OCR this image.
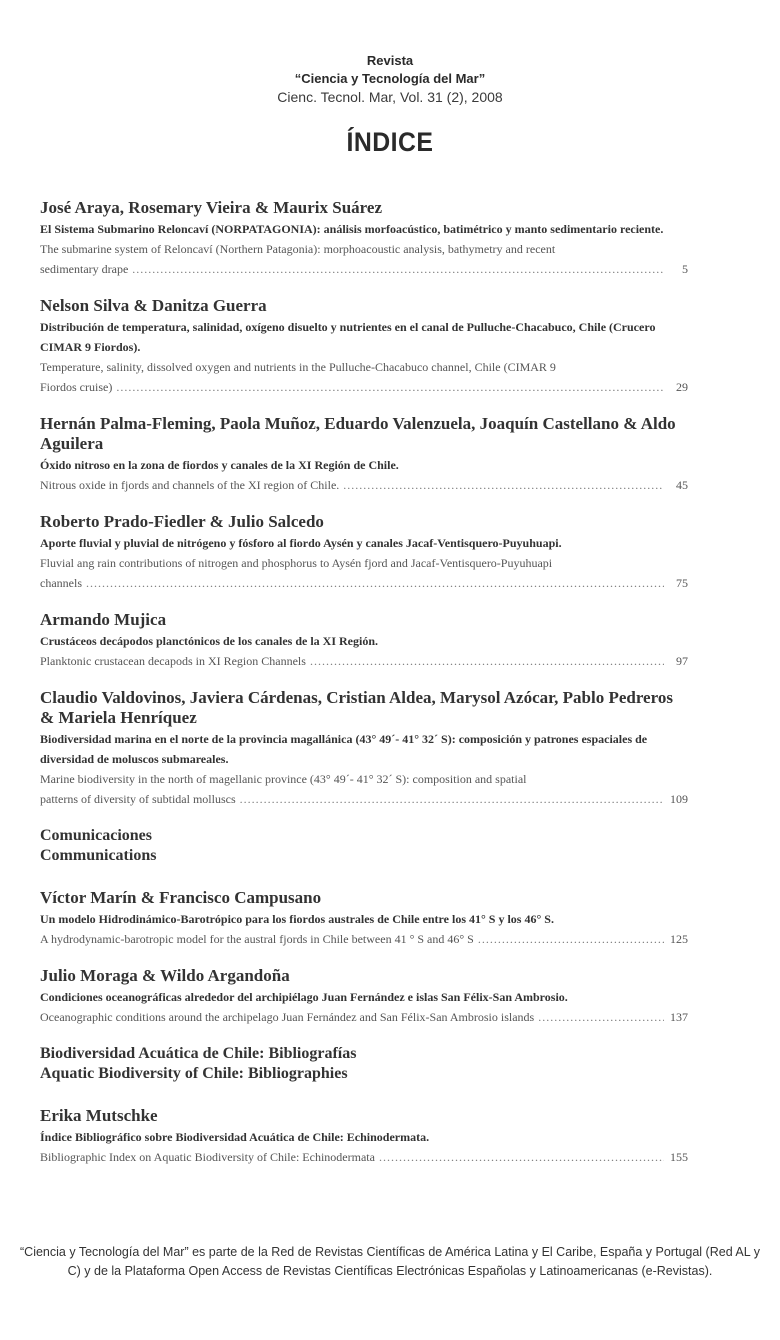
Revista
“Ciencia y Tecnología del Mar”
Cienc. Tecnol. Mar, Vol. 31 (2), 2008
ÍNDICE
José Araya, Rosemary Vieira & Maurix Suárez
El Sistema Submarino Reloncaví (NORPATAGONIA): análisis morfoacústico, batimétrico y manto sedimentario reciente.
The submarine system of Reloncaví (Northern Patagonia): morphoacoustic analysis, bathymetry and recent
sedimentary drape .....	5
Nelson Silva & Danitza Guerra
Distribución de temperatura, salinidad, oxígeno disuelto y nutrientes en el canal de Pulluche-Chacabuco, Chile (Crucero CIMAR 9 Fiordos).
Temperature, salinity, dissolved oxygen and nutrients in the Pulluche-Chacabuco channel, Chile (CIMAR 9
Fiordos cruise) .....	29
Hernán Palma-Fleming, Paola Muñoz, Eduardo Valenzuela, Joaquín Castellano & Aldo Aguilera
Óxido nitroso en la zona de fiordos y canales de la XI Región de Chile.
Nitrous oxide in fjords and channels of the XI region of Chile. .....	45
Roberto Prado-Fiedler & Julio Salcedo
Aporte fluvial y pluvial de nitrógeno y fósforo al fiordo Aysén y canales Jacaf-Ventisquero-Puyuhuapi.
Fluvial ang rain contributions of nitrogen and phosphorus to Aysén fjord and Jacaf-Ventisquero-Puyuhuapi
channels .....	75
Armando Mujica
Crustáceos decápodos planctónicos de los canales de la XI Región.
Planktonic crustacean decapods in XI Region Channels .....	97
Claudio Valdovinos, Javiera Cárdenas, Cristian Aldea, Marysol Azócar, Pablo Pedreros & Mariela Henríquez
Biodiversidad marina en el norte de la provincia magallánica (43° 49´- 41° 32´ S): composición y patrones espaciales de diversidad de moluscos submareales.
Marine biodiversity in the north of magellanic province (43° 49´- 41° 32´ S): composition and spatial
patterns of diversity of subtidal molluscs .....	109
Comunicaciones
Communications
Víctor Marín & Francisco Campusano
Un modelo Hidrodinámico-Barotrópico para los fiordos australes de Chile entre los 41° S y los 46° S.
A hydrodynamic-barotropic model for the austral fjords in Chile between 41 ° S and 46° S .....	125
Julio Moraga & Wildo Argandoña
Condiciones oceanográficas alrededor del archipiélago Juan Fernández e islas San Félix-San Ambrosio.
Oceanographic conditions around the archipelago Juan Fernández and San Félix-San Ambrosio islands .....	137
Biodiversidad Acuática de Chile: Bibliografías
Aquatic Biodiversity of Chile: Bibliographies
Erika Mutschke
Índice Bibliográfico sobre Biodiversidad Acuática de Chile: Echinodermata.
Bibliographic Index on Aquatic Biodiversity of Chile: Echinodermata .....	155
“Ciencia y Tecnología del Mar” es parte de la Red de Revistas Científicas de América Latina y El Caribe, España y Portugal (Red AL y C) y de la Plataforma Open Access de Revistas Científicas Electrónicas Españolas y Latinoamericanas (e-Revistas).
